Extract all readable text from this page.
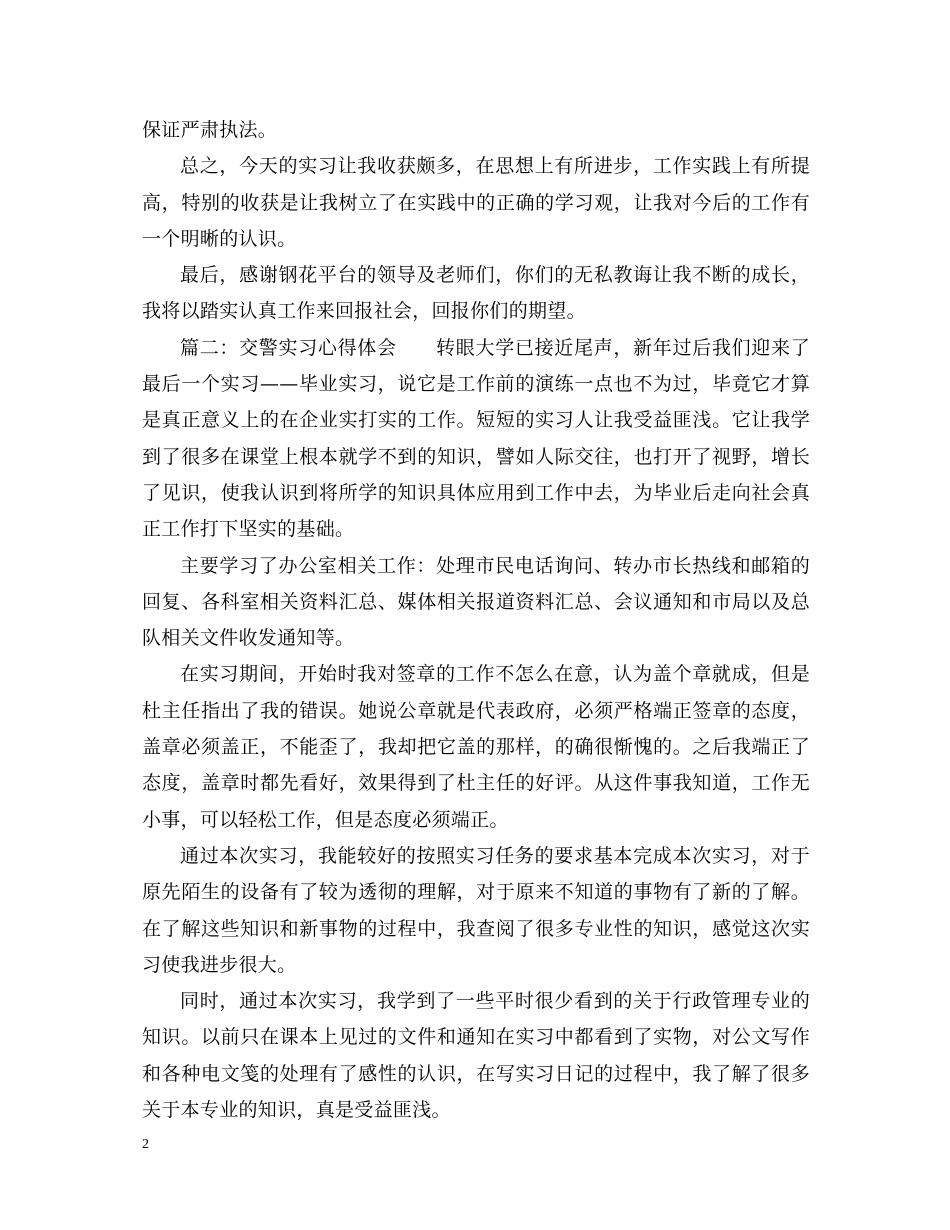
保证严肃执法。

总之，今天的实习让我收获颇多，在思想上有所进步，工作实践上有所提高，特别的收获是让我树立了在实践中的正确的学习观，让我对今后的工作有一个明晰的认识。

最后，感谢钢花平台的领导及老师们，你们的无私教诲让我不断的成长，我将以踏实认真工作来回报社会，回报你们的期望。

篇二：交警实习心得体会　　转眼大学已接近尾声，新年过后我们迎来了最后一个实习——毕业实习，说它是工作前的演练一点也不为过，毕竟它才算是真正意义上的在企业实打实的工作。短短的实习人让我受益匪浅。它让我学到了很多在课堂上根本就学不到的知识，譬如人际交往，也打开了视野，增长了见识，使我认识到将所学的知识具体应用到工作中去，为毕业后走向社会真正工作打下坚实的基础。

主要学习了办公室相关工作：处理市民电话询问、转办市长热线和邮箱的回复、各科室相关资料汇总、媒体相关报道资料汇总、会议通知和市局以及总队相关文件收发通知等。

在实习期间，开始时我对签章的工作不怎么在意，认为盖个章就成，但是杜主任指出了我的错误。她说公章就是代表政府，必须严格端正签章的态度，盖章必须盖正，不能歪了，我却把它盖的那样，的确很惭愧的。之后我端正了态度，盖章时都先看好，效果得到了杜主任的好评。从这件事我知道，工作无小事，可以轻松工作，但是态度必须端正。

通过本次实习，我能较好的按照实习任务的要求基本完成本次实习，对于原先陌生的设备有了较为透彻的理解，对于原来不知道的事物有了新的了解。在了解这些知识和新事物的过程中，我查阅了很多专业性的知识，感觉这次实习使我进步很大。

同时，通过本次实习，我学到了一些平时很少看到的关于行政管理专业的知识。以前只在课本上见过的文件和通知在实习中都看到了实物，对公文写作和各种电文笺的处理有了感性的认识，在写实习日记的过程中，我了解了很多关于本专业的知识，真是受益匪浅。

2
